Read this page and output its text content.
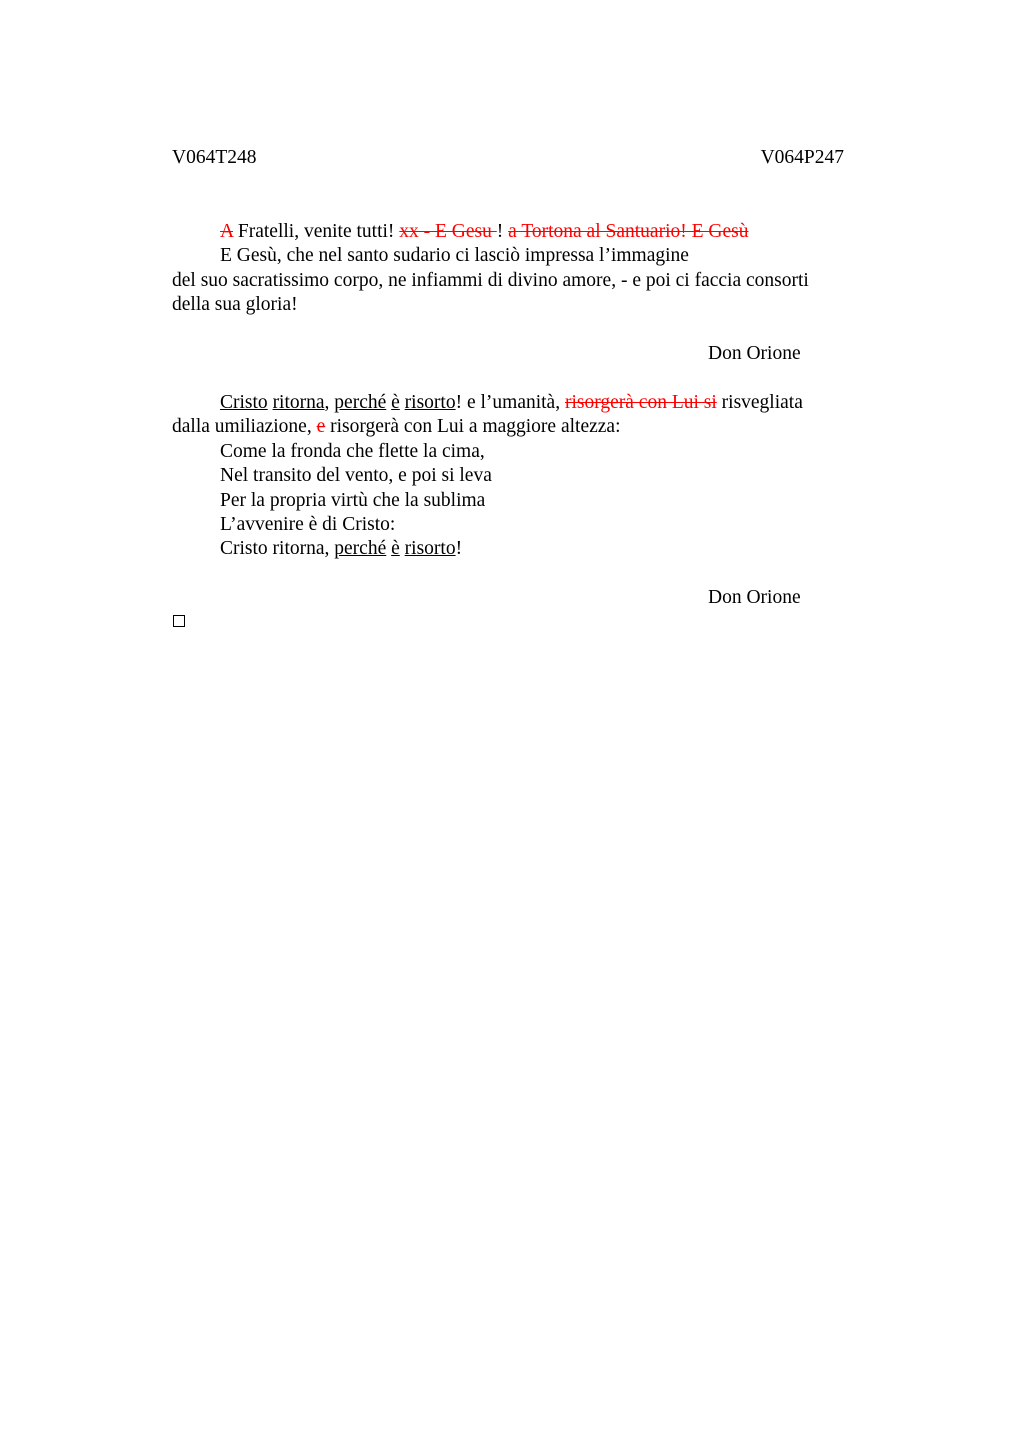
V064T248	V064P247
A Fratelli, venite tutti! xx - E Gesu ! a Tortona al Santuario! E Gesù
E Gesù, che nel santo sudario ci lasciò impressa l’immagine
del suo sacratissimo corpo, ne infiammi di divino amore, - e poi ci faccia consorti
della sua gloria!
Don Orione
Cristo ritorna, perché è risorto! e l’umanità, risorgerà con Lui si risvegliata
dalla umiliazione, e risorgerà con Lui a maggiore altezza:
Come la fronda che flette la cima,
Nel transito del vento, e poi si leva
Per la propria virtù che la sublima
L’avvenire è di Cristo:
Cristo ritorna, perché è risorto!
Don Orione
